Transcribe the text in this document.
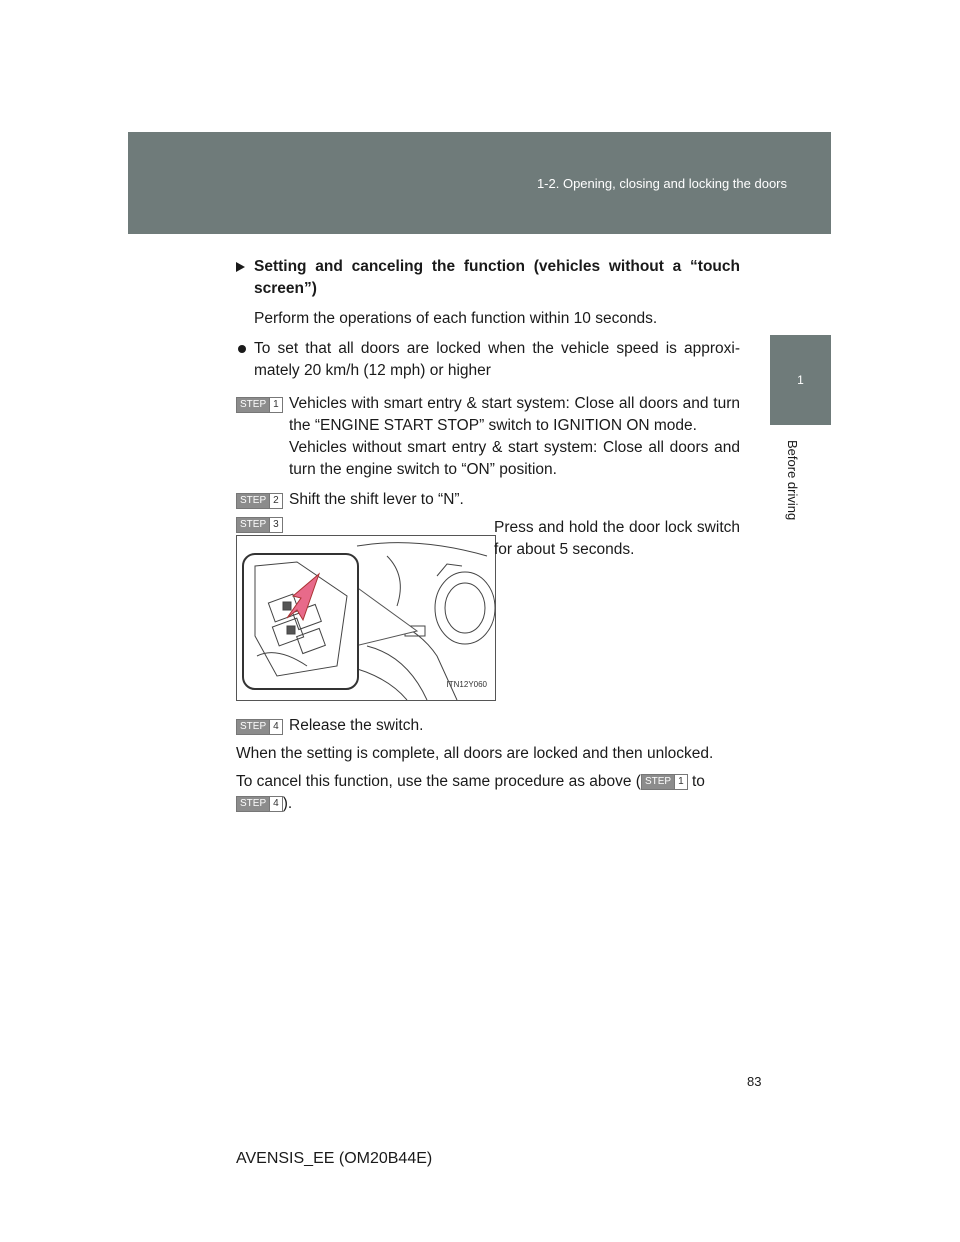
1-2. Opening, closing and locking the doors
1
Before driving
Setting and canceling the function (vehicles without a “touch screen”)
Perform the operations of each function within 10 seconds.
To set that all doors are locked when the vehicle speed is approxi-mately 20 km/h (12 mph) or higher
STEP 1 Vehicles with smart entry & start system: Close all doors and turn the “ENGINE START STOP” switch to IGNITION ON mode.
Vehicles without smart entry & start system: Close all doors and turn the engine switch to “ON” position.
STEP 2 Shift the shift lever to “N”.
STEP 3
ITN12Y060
Press and hold the door lock switch for about 5 seconds.
STEP 4 Release the switch.
When the setting is complete, all doors are locked and then unlocked.
To cancel this function, use the same procedure as above ( STEP 1 to

STEP 4 ).
83
AVENSIS_EE (OM20B44E)
